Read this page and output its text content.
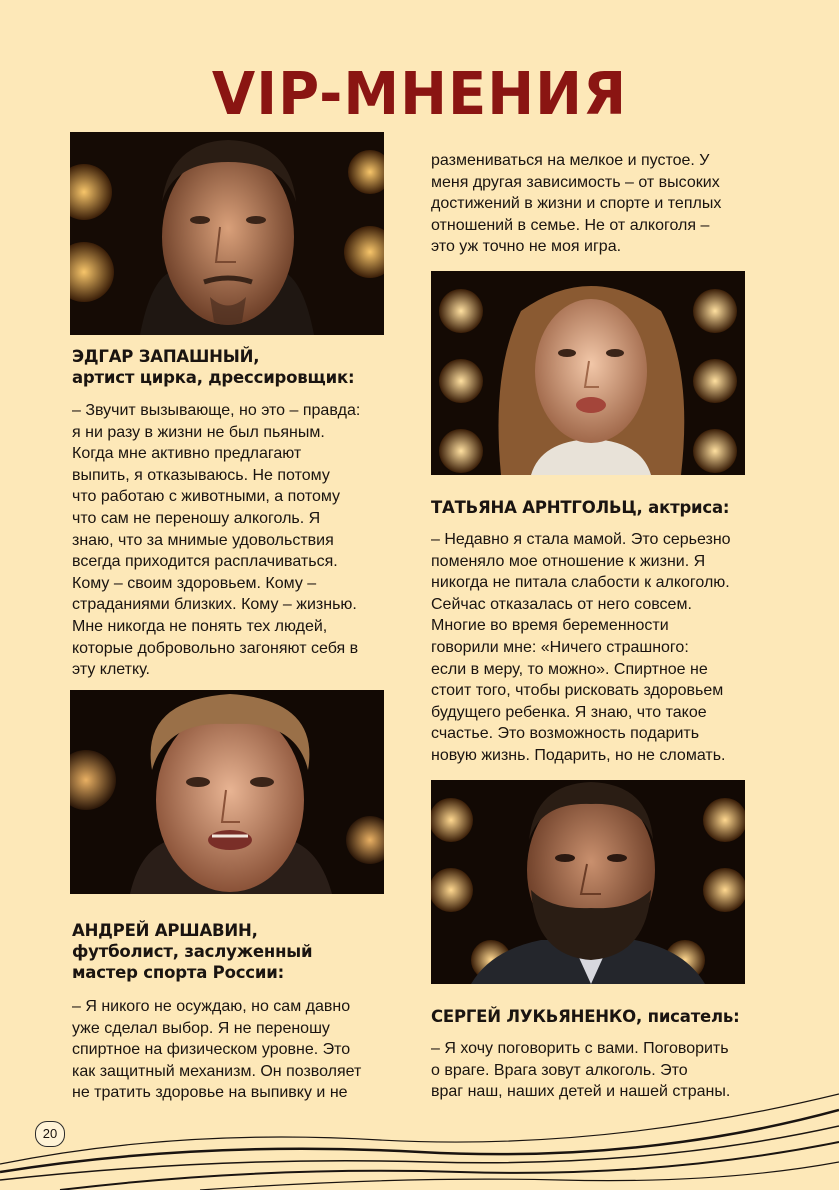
VIP-МНЕНИЯ
ЭДГАР ЗАПАШНЫЙ,
артист цирка, дрессировщик:
– Звучит вызывающе, но это – правда:
я ни разу в жизни не был пьяным.
Когда мне активно предлагают
выпить, я отказываюсь. Не потому
что работаю с животными, а потому
что сам не переношу алкоголь. Я
знаю, что за мнимые удовольствия
всегда приходится расплачиваться.
Кому – своим здоровьем. Кому –
страданиями близких. Кому – жизнью.
Мне никогда не понять тех людей,
которые добровольно загоняют себя в
эту клетку.
АНДРЕЙ АРШАВИН,
футболист, заслуженный
мастер спорта России:
– Я никого не осуждаю, но сам давно
уже сделал выбор. Я не переношу
спиртное на физическом уровне. Это
как защитный механизм. Он позволяет
не тратить здоровье на выпивку и не
размениваться на мелкое и пустое. У
меня другая зависимость – от высоких
достижений в жизни и спорте и теплых
отношений в семье. Не от алкоголя –
это уж точно не моя игра.
ТАТЬЯНА АРНТГОЛЬЦ, актриса:
– Недавно я стала мамой. Это серьезно
поменяло мое отношение к жизни. Я
никогда не питала слабости к алкоголю.
Сейчас отказалась от него совсем.
Многие во время беременности
говорили мне: «Ничего страшного:
если в меру, то можно». Спиртное не
стоит того, чтобы рисковать здоровьем
будущего ребенка. Я знаю, что такое
счастье. Это возможность подарить
новую жизнь. Подарить, но не сломать.
СЕРГЕЙ ЛУКЬЯНЕНКО, писатель:
– Я хочу поговорить с вами. Поговорить
о враге. Врага зовут алкоголь. Это
враг наш, наших детей и нашей страны.
20
